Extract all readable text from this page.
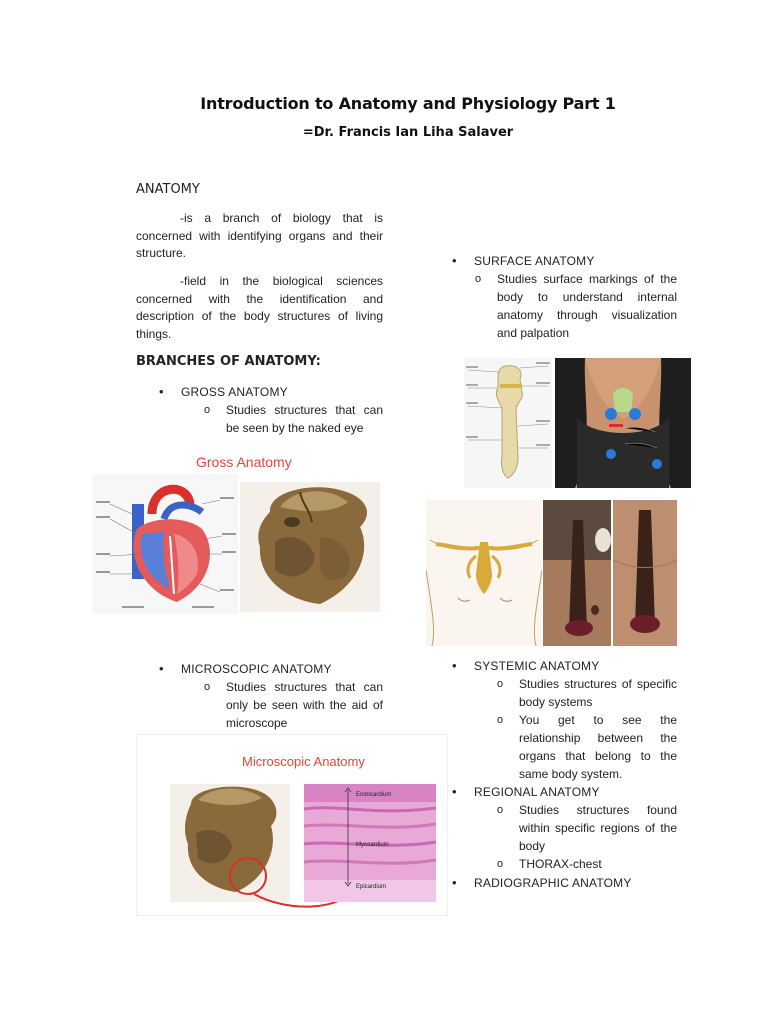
Introduction to Anatomy and Physiology Part 1
=Dr. Francis Ian Liha Salaver
ANATOMY
-is a branch of biology that is concerned with identifying organs and their structure.
-field in the biological sciences concerned with the identification and description of the body structures of living things.
BRANCHES OF ANATOMY:
• GROSS ANATOMY
o Studies structures that can be seen by the naked eye
Gross Anatomy
• MICROSCOPIC ANATOMY
o Studies structures that can only be seen with the aid of microscope
Microscopic Anatomy
Endocardium
Myocardium
Epicardium
• SURFACE ANATOMY
o Studies surface markings of the body to understand internal anatomy through visualization and palpation
• SYSTEMIC ANATOMY
o Studies structures of specific body systems
o You get to see the relationship between the organs that belong to the same body system.
• REGIONAL ANATOMY
o Studies structures found within specific regions of the body
o THORAX-chest
• RADIOGRAPHIC ANATOMY
